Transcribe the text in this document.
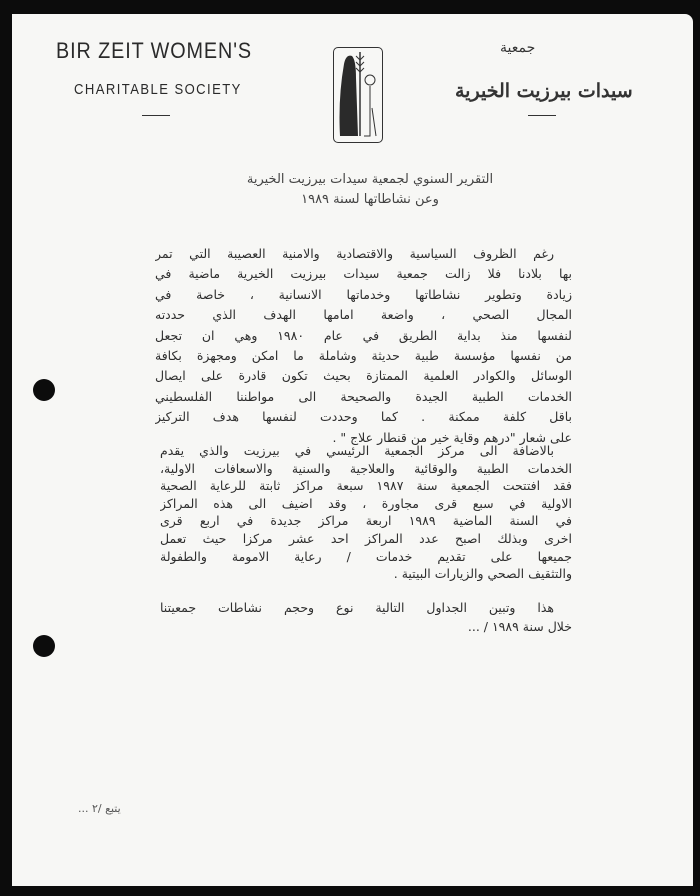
BIR ZEIT WOMEN'S
CHARITABLE SOCIETY
جمعية
سيدات بيرزيت الخيرية
التقرير السنوي لجمعية سيدات بيرزيت الخيرية
وعن نشاطاتها لسنة ١٩٨٩
رغم الظروف السياسية والاقتصادية والامنية العصيبة التي تمر
بها بلادنا فلا زالت جمعية سيدات بيرزيت الخيرية ماضية في
زيادة وتطوير نشاطاتها وخدماتها الانسانية ، خاصة في
المجال الصحي ، واضعة امامها الهدف الذي حددته
لنفسها منذ بداية الطريق في عام ١٩٨٠ وهي ان تجعل
من نفسها مؤسسة طبية حديثة وشاملة ما امكن ومجهزة بكافة
الوسائل والكوادر العلمية الممتازة بحيث تكون قادرة على ايصال
الخدمات الطبية الجيدة والصحيحة الى مواطننا الفلسطيني
باقل كلفة ممكنة . كما وحددت لنفسها هدف التركيز
على شعار "درهم وقاية خير من قنطار علاج " .
بالاضافة الى مركز الجمعية الرئيسي في بيرزيت والذي يقدم
الخدمات الطبية والوقائية والعلاجية والسنية والاسعافات الاولية،
فقد افتتحت الجمعية سنة ١٩٨٧ سبعة مراكز ثابتة للرعاية الصحية
الاولية في سبع قرى مجاورة ، وقد اضيف الى هذه المراكز
في السنة الماضية ١٩٨٩ اربعة مراكز جديدة في اربع قرى
اخرى وبذلك اصبح عدد المراكز احد عشر مركزا حيث تعمل
جميعها على تقديم خدمات / رعاية الامومة والطفولة
والتثقيف الصحي والزيارات البيتية .
هذا وتبين الجداول التالية نوع وحجم نشاطات جمعيتنا
خلال سنة ١٩٨٩ / ...
يتبع /٢ ...
